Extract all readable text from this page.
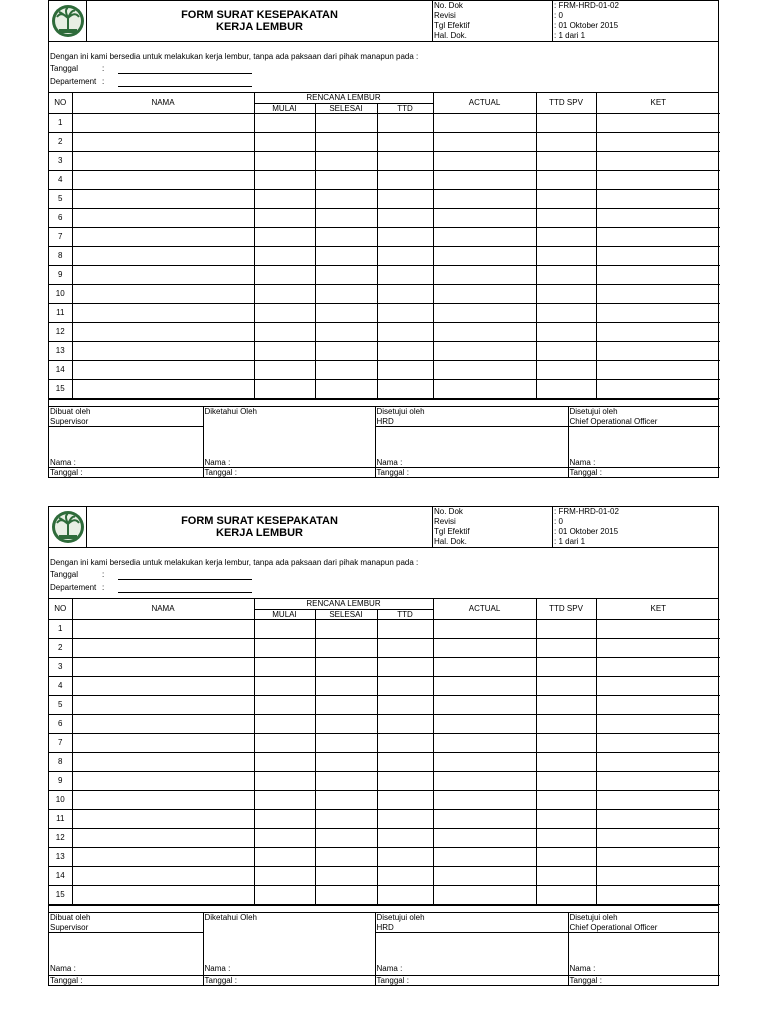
FORM SURAT KESEPAKATAN
KERJA LEMBUR
No. Dok	: FRM-HRD-01-02
Revisi	: 0
Tgl Efektif	: 01 Oktober 2015
Hal. Dok.	: 1 dari 1
Dengan ini kami bersedia untuk melakukan kerja lembur, tanpa ada paksaan dari pihak manapun pada :
Tanggal	:
Departement :
NO	NAMA	RENCANA LEMBUR			ACTUAL	TTD SPV	KET
		MULAI	SELESAI	TTD			
1							
2							
3							
4							
5							
6							
7							
8							
9							
10							
11							
12							
13							
14							
15							
Dibuat oleh	Diketahui Oleh	Disetujui oleh	Disetujui oleh
Supervisor		HRD	Chief Operational Officer

Nama :	Nama :	Nama :	Nama :
Tanggal :	Tanggal :	Tanggal :	Tanggal :
FORM SURAT KESEPAKATAN
KERJA LEMBUR
No. Dok	: FRM-HRD-01-02
Revisi	: 0
Tgl Efektif	: 01 Oktober 2015
Hal. Dok.	: 1 dari 1
Dengan ini kami bersedia untuk melakukan kerja lembur, tanpa ada paksaan dari pihak manapun pada :
Tanggal	:
Departement :
NO	NAMA	RENCANA LEMBUR			ACTUAL	TTD SPV	KET
		MULAI	SELESAI	TTD			
1							
2							
3							
4							
5							
6							
7							
8							
9							
10							
11							
12							
13							
14							
15							
Dibuat oleh	Diketahui Oleh	Disetujui oleh	Disetujui oleh
Supervisor		HRD	Chief Operational Officer

Nama :	Nama :	Nama :	Nama :
Tanggal :	Tanggal :	Tanggal :	Tanggal :
